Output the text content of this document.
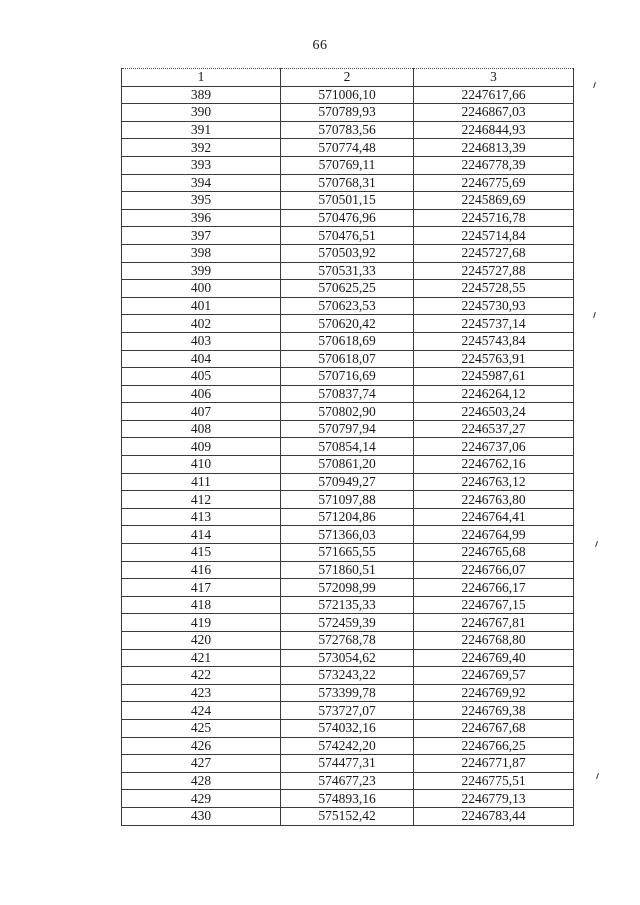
66
1	2	3
389	571006,10	2247617,66
390	570789,93	2246867,03
391	570783,56	2246844,93
392	570774,48	2246813,39
393	570769,11	2246778,39
394	570768,31	2246775,69
395	570501,15	2245869,69
396	570476,96	2245716,78
397	570476,51	2245714,84
398	570503,92	2245727,68
399	570531,33	2245727,88
400	570625,25	2245728,55
401	570623,53	2245730,93
402	570620,42	2245737,14
403	570618,69	2245743,84
404	570618,07	2245763,91
405	570716,69	2245987,61
406	570837,74	2246264,12
407	570802,90	2246503,24
408	570797,94	2246537,27
409	570854,14	2246737,06
410	570861,20	2246762,16
411	570949,27	2246763,12
412	571097,88	2246763,80
413	571204,86	2246764,41
414	571366,03	2246764,99
415	571665,55	2246765,68
416	571860,51	2246766,07
417	572098,99	2246766,17
418	572135,33	2246767,15
419	572459,39	2246767,81
420	572768,78	2246768,80
421	573054,62	2246769,40
422	573243,22	2246769,57
423	573399,78	2246769,92
424	573727,07	2246769,38
425	574032,16	2246767,68
426	574242,20	2246766,25
427	574477,31	2246771,87
428	574677,23	2246775,51
429	574893,16	2246779,13
430	575152,42	2246783,44
